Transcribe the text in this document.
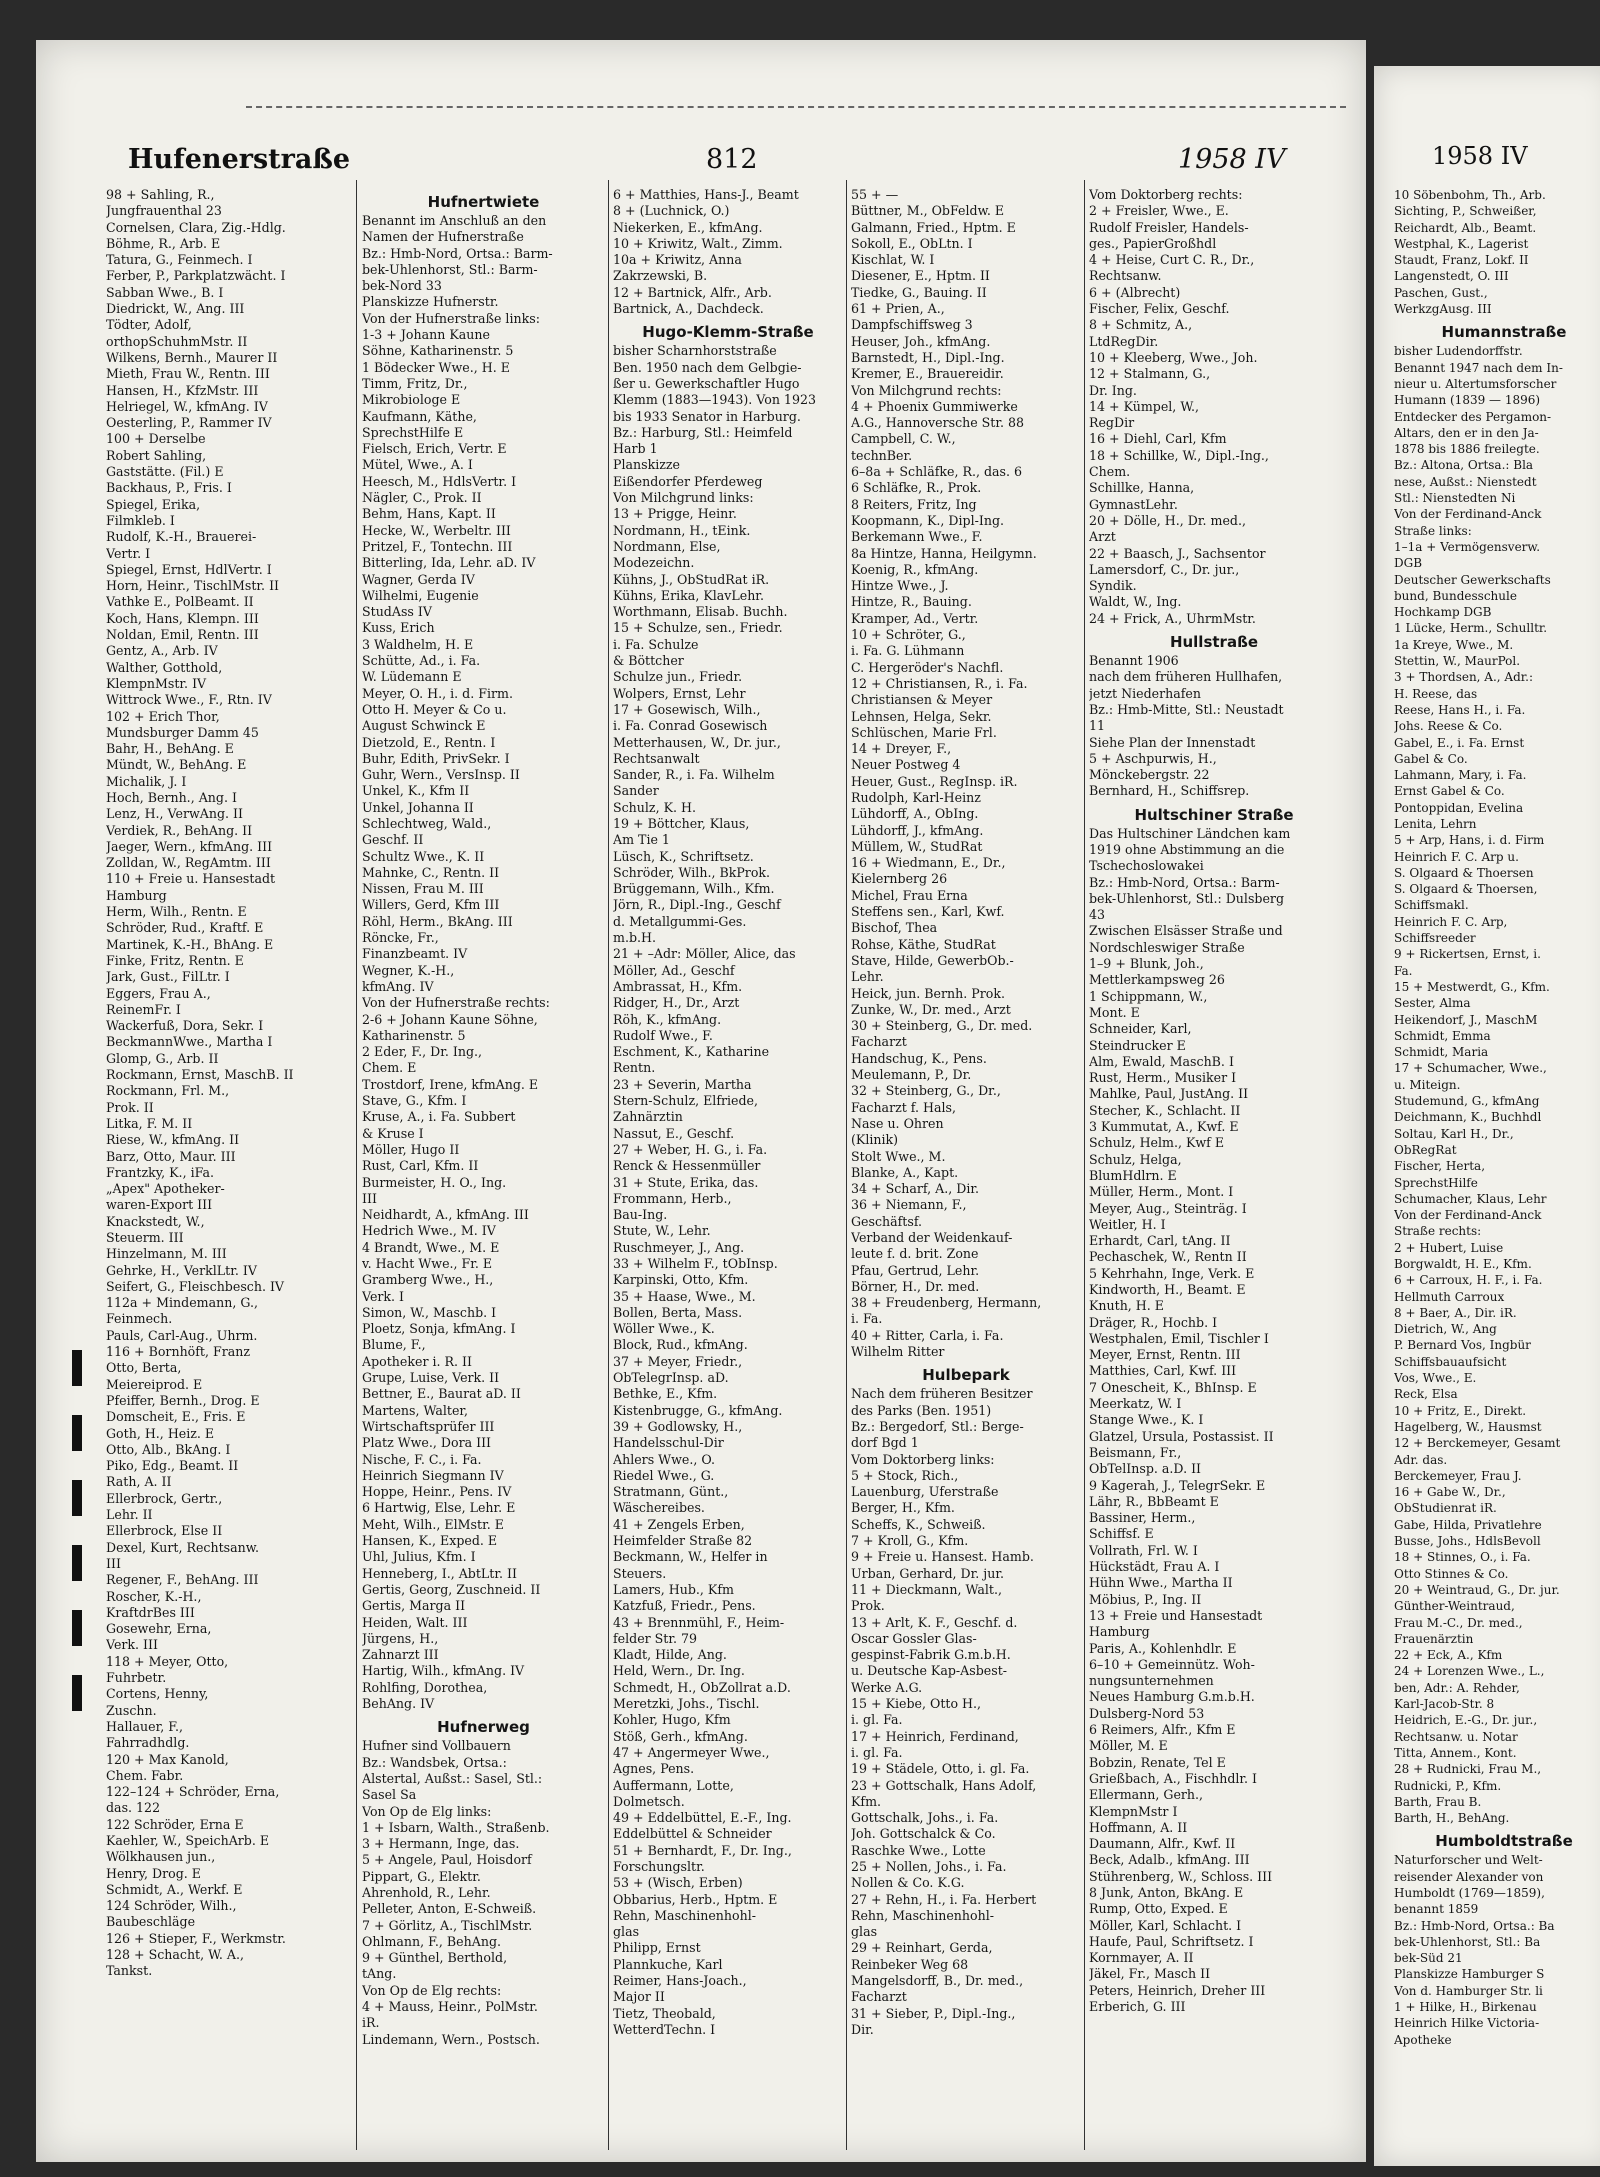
Hufenerstraße	812	1958 IV
98 + Sahling, R.,
Jungfrauenthal 23
Cornelsen, Clara, Zig.-Hdlg.
Böhme, R., Arb. E
Tatura, G., Feinmech. I
Ferber, P., Parkplatzwächt. I
Sabban Wwe., B. I
Diedrickt, W., Ang. III
Tödter, Adolf,
orthopSchuhmMstr. II
Wilkens, Bernh., Maurer II
Mieth, Frau W., Rentn. III
Hansen, H., KfzMstr. III
Helriegel, W., kfmAng. IV
Oesterling, P., Rammer IV
100 + Derselbe
Robert Sahling,
Gaststätte. (Fil.) E
Backhaus, P., Fris. I
Spiegel, Erika,
Filmkleb. I
Rudolf, K.-H., Brauerei-
Vertr. I
Spiegel, Ernst, HdlVertr. I
Horn, Heinr., TischlMstr. II
Vathke E., PolBeamt. II
Koch, Hans, Klempn. III
Noldan, Emil, Rentn. III
Gentz, A., Arb. IV
Walther, Gotthold,
KlempnMstr. IV
Wittrock Wwe., F., Rtn. IV
102 + Erich Thor,
Mundsburger Damm 45
Bahr, H., BehAng. E
Mündt, W., BehAng. E
Michalik, J. I
Hoch, Bernh., Ang. I
Lenz, H., VerwAng. II
Verdiek, R., BehAng. II
Jaeger, Wern., kfmAng. III
Zolldan, W., RegAmtm. III
110 + Freie u. Hansestadt
Hamburg
Herm, Wilh., Rentn. E
Schröder, Rud., Kraftf. E
Martinek, K.-H., BhAng. E
Finke, Fritz, Rentn. E
Jark, Gust., FilLtr. I
Eggers, Frau A.,
ReinemFr. I
Wackerfuß, Dora, Sekr. I
BeckmannWwe., Martha I
Glomp, G., Arb. II
Rockmann, Ernst, MaschB. II
Rockmann, Frl. M.,
Prok. II
Litka, F. M. II
Riese, W., kfmAng. II
Barz, Otto, Maur. III
Frantzky, K., iFa.
„Apex" Apotheker-
waren-Export III
Knackstedt, W.,
Steuerm. III
Hinzelmann, M. III
Gehrke, H., VerklLtr. IV
Seifert, G., Fleischbesch. IV
112a + Mindemann, G.,
Feinmech.
Pauls, Carl-Aug., Uhrm.
116 + Bornhöft, Franz
Otto, Berta,
Meiereiprod. E
Pfeiffer, Bernh., Drog. E
Domscheit, E., Fris. E
Goth, H., Heiz. E
Otto, Alb., BkAng. I
Piko, Edg., Beamt. II
Rath, A. II
Ellerbrock, Gertr.,
Lehr. II
Ellerbrock, Else II
Dexel, Kurt, Rechtsanw.
III
Regener, F., BehAng. III
Roscher, K.-H.,
KraftdrBes III
Gosewehr, Erna,
Verk. III
118 + Meyer, Otto,
Fuhrbetr.
Cortens, Henny,
Zuschn.
Hallauer, F.,
Fahrradhdlg.
120 + Max Kanold,
Chem. Fabr.
122–124 + Schröder, Erna,
das. 122
122 Schröder, Erna E
Kaehler, W., SpeichArb. E
Wölkhausen jun.,
Henry, Drog. E
Schmidt, A., Werkf. E
124 Schröder, Wilh.,
Baubeschläge
126 + Stieper, F., Werkmstr.
128 + Schacht, W. A.,
Tankst.
Hufnertwiete
Benannt im Anschluß an den
Namen der Hufnerstraße
Bz.: Hmb-Nord, Ortsa.: Barm-
bek-Uhlenhorst, Stl.: Barm-
bek-Nord 33
Planskizze Hufnerstr.
Von der Hufnerstraße links:
1-3 + Johann Kaune
Söhne, Katharinenstr. 5
1 Bödecker Wwe., H. E
Timm, Fritz, Dr.,
Mikrobiologe E
Kaufmann, Käthe,
SprechstHilfe E
Fielsch, Erich, Vertr. E
Mütel, Wwe., A. I
Heesch, M., HdlsVertr. I
Nägler, C., Prok. II
Behm, Hans, Kapt. II
Hecke, W., Werbeltr. III
Pritzel, F., Tontechn. III
Bitterling, Ida, Lehr. aD. IV
Wagner, Gerda IV
Wilhelmi, Eugenie
StudAss IV
Kuss, Erich
3 Waldhelm, H. E
Schütte, Ad., i. Fa.
W. Lüdemann E
Meyer, O. H., i. d. Firm.
Otto H. Meyer & Co u.
August Schwinck E
Dietzold, E., Rentn. I
Buhr, Edith, PrivSekr. I
Guhr, Wern., VersInsp. II
Unkel, K., Kfm II
Unkel, Johanna II
Schlechtweg, Wald.,
Geschf. II
Schultz Wwe., K. II
Mahnke, C., Rentn. II
Nissen, Frau M. III
Willers, Gerd, Kfm III
Röhl, Herm., BkAng. III
Röncke, Fr.,
Finanzbeamt. IV
Wegner, K.-H.,
kfmAng. IV
Von der Hufnerstraße rechts:
2-6 + Johann Kaune Söhne,
Katharinenstr. 5
2 Eder, F., Dr. Ing.,
Chem. E
Trostdorf, Irene, kfmAng. E
Stave, G., Kfm. I
Kruse, A., i. Fa. Subbert
& Kruse I
Möller, Hugo II
Rust, Carl, Kfm. II
Burmeister, H. O., Ing.
III
Neidhardt, A., kfmAng. III
Hedrich Wwe., M. IV
4 Brandt, Wwe., M. E
v. Hacht Wwe., Fr. E
Gramberg Wwe., H.,
Verk. I
Simon, W., Maschb. I
Ploetz, Sonja, kfmAng. I
Blume, F.,
Apotheker i. R. II
Grupe, Luise, Verk. II
Bettner, E., Baurat aD. II
Martens, Walter,
Wirtschaftsprüfer III
Platz Wwe., Dora III
Nische, F. C., i. Fa.
Heinrich Siegmann IV
Hoppe, Heinr., Pens. IV
6 Hartwig, Else, Lehr. E
Meht, Wilh., ElMstr. E
Hansen, K., Exped. E
Uhl, Julius, Kfm. I
Henneberg, I., AbtLtr. II
Gertis, Georg, Zuschneid. II
Gertis, Marga II
Heiden, Walt. III
Jürgens, H.,
Zahnarzt III
Hartig, Wilh., kfmAng. IV
Rohlfing, Dorothea,
BehAng. IV
Hufnerweg
Hufner sind Vollbauern
Bz.: Wandsbek, Ortsa.:
Alstertal, Außst.: Sasel, Stl.:
Sasel Sa
Von Op de Elg links:
1 + Isbarn, Walth., Straßenb.
3 + Hermann, Inge, das.
5 + Angele, Paul, Hoisdorf
Pippart, G., Elektr.
Ahrenhold, R., Lehr.
Pelleter, Anton, E-Schweiß.
7 + Görlitz, A., TischlMstr.
Ohlmann, F., BehAng.
9 + Günthel, Berthold,
tAng.
Von Op de Elg rechts:
4 + Mauss, Heinr., PolMstr.
iR.
Lindemann, Wern., Postsch.
6 + Matthies, Hans-J., Beamt
8 + (Luchnick, O.)
Niekerken, E., kfmAng.
10 + Kriwitz, Walt., Zimm.
10a + Kriwitz, Anna
Zakrzewski, B.
12 + Bartnick, Alfr., Arb.
Bartnick, A., Dachdeck.
Hugo-Klemm-Straße
bisher Scharnhorststraße
Ben. 1950 nach dem Gelbgie-
ßer u. Gewerkschaftler Hugo
Klemm (1883—1943). Von 1923
bis 1933 Senator in Harburg.
Bz.: Harburg, Stl.: Heimfeld
Harb 1
Planskizze
Eißendorfer Pferdeweg
Von Milchgrund links:
13 + Prigge, Heinr.
Nordmann, H., tEink.
Nordmann, Else,
Modezeichn.
Kühns, J., ObStudRat iR.
Kühns, Erika, KlavLehr.
Worthmann, Elisab. Buchh.
15 + Schulze, sen., Friedr.
i. Fa. Schulze
& Böttcher
Schulze jun., Friedr.
Wolpers, Ernst, Lehr
17 + Gosewisch, Wilh.,
i. Fa. Conrad Gosewisch
Metterhausen, W., Dr. jur.,
Rechtsanwalt
Sander, R., i. Fa. Wilhelm
Sander
Schulz, K. H.
19 + Böttcher, Klaus,
Am Tie 1
Lüsch, K., Schriftsetz.
Schröder, Wilh., BkProk.
Brüggemann, Wilh., Kfm.
Jörn, R., Dipl.-Ing., Geschf
d. Metallgummi-Ges.
m.b.H.
21 + –Adr: Möller, Alice, das
Möller, Ad., Geschf
Ambrassat, H., Kfm.
Ridger, H., Dr., Arzt
Röh, K., kfmAng.
Rudolf Wwe., F.
Eschment, K., Katharine
Rentn.
23 + Severin, Martha
Stern-Schulz, Elfriede,
Zahnärztin
Nassut, E., Geschf.
27 + Weber, H. G., i. Fa.
Renck & Hessenmüller
31 + Stute, Erika, das.
Frommann, Herb.,
Bau-Ing.
Stute, W., Lehr.
Ruschmeyer, J., Ang.
33 + Wilhelm F., tObInsp.
Karpinski, Otto, Kfm.
35 + Haase, Wwe., M.
Bollen, Berta, Mass.
Wöller Wwe., K.
Block, Rud., kfmAng.
37 + Meyer, Friedr.,
ObTelegrInsp. aD.
Bethke, E., Kfm.
Kistenbrugge, G., kfmAng.
39 + Godlowsky, H.,
Handelsschul-Dir
Ahlers Wwe., O.
Riedel Wwe., G.
Stratmann, Günt.,
Wäschereibes.
41 + Zengels Erben,
Heimfelder Straße 82
Beckmann, W., Helfer in
Steuers.
Lamers, Hub., Kfm
Katzfuß, Friedr., Pens.
43 + Brennmühl, F., Heim-
felder Str. 79
Kladt, Hilde, Ang.
Held, Wern., Dr. Ing.
Schmedt, H., ObZollrat a.D.
Meretzki, Johs., Tischl.
Kohler, Hugo, Kfm
Stöß, Gerh., kfmAng.
47 + Angermeyer Wwe.,
Agnes, Pens.
Auffermann, Lotte,
Dolmetsch.
49 + Eddelbüttel, E.-F., Ing.
Eddelbüttel & Schneider
51 + Bernhardt, F., Dr. Ing.,
Forschungsltr.
53 + (Wisch, Erben)
Obbarius, Herb., Hptm. E
Rehn, Maschinenhohl-
glas
Philipp, Ernst
Plannkuche, Karl
Reimer, Hans-Joach.,
Major II
Tietz, Theobald,
WetterdTechn. I
55 + —
Büttner, M., ObFeldw. E
Galmann, Fried., Hptm. E
Sokoll, E., ObLtn. I
Kischlat, W. I
Diesener, E., Hptm. II
Tiedke, G., Bauing. II
61 + Prien, A.,
Dampfschiffsweg 3
Heuser, Joh., kfmAng.
Barnstedt, H., Dipl.-Ing.
Kremer, E., Brauereidir.
Von Milchgrund rechts:
4 + Phoenix Gummiwerke
A.G., Hannoversche Str. 88
Campbell, C. W.,
technBer.
6–8a + Schläfke, R., das. 6
6 Schläfke, R., Prok.
8 Reiters, Fritz, Ing
Koopmann, K., Dipl-Ing.
Berkemann Wwe., F.
8a Hintze, Hanna, Heilgymn.
Koenig, R., kfmAng.
Hintze Wwe., J.
Hintze, R., Bauing.
Kramper, Ad., Vertr.
10 + Schröter, G.,
i. Fa. G. Lühmann
C. Hergeröder's Nachfl.
12 + Christiansen, R., i. Fa.
Christiansen & Meyer
Lehnsen, Helga, Sekr.
Schlüschen, Marie Frl.
14 + Dreyer, F.,
Neuer Postweg 4
Heuer, Gust., RegInsp. iR.
Rudolph, Karl-Heinz
Lühdorff, A., ObIng.
Lühdorff, J., kfmAng.
Müllem, W., StudRat
16 + Wiedmann, E., Dr.,
Kielernberg 26
Michel, Frau Erna
Steffens sen., Karl, Kwf.
Bischof, Thea
Rohse, Käthe, StudRat
Stave, Hilde, GewerbOb.-
Lehr.
Heick, jun. Bernh. Prok.
Zunke, W., Dr. med., Arzt
30 + Steinberg, G., Dr. med.
Facharzt
Handschug, K., Pens.
Meulemann, P., Dr.
32 + Steinberg, G., Dr.,
Facharzt f. Hals,
Nase u. Ohren
(Klinik)
Stolt Wwe., M.
Blanke, A., Kapt.
34 + Scharf, A., Dir.
36 + Niemann, F.,
Geschäftsf.
Verband der Weidenkauf-
leute f. d. brit. Zone
Pfau, Gertrud, Lehr.
Börner, H., Dr. med.
38 + Freudenberg, Hermann,
i. Fa.
40 + Ritter, Carla, i. Fa.
Wilhelm Ritter
Hulbepark
Nach dem früheren Besitzer
des Parks (Ben. 1951)
Bz.: Bergedorf, Stl.: Berge-
dorf Bgd 1
Vom Doktorberg links:
5 + Stock, Rich.,
Lauenburg, Uferstraße
Berger, H., Kfm.
Scheffs, K., Schweiß.
7 + Kroll, G., Kfm.
9 + Freie u. Hansest. Hamb.
Urban, Gerhard, Dr. jur.
11 + Dieckmann, Walt.,
Prok.
13 + Arlt, K. F., Geschf. d.
Oscar Gossler Glas-
gespinst-Fabrik G.m.b.H.
u. Deutsche Kap-Asbest-
Werke A.G.
15 + Kiebe, Otto H.,
i. gl. Fa.
17 + Heinrich, Ferdinand,
i. gl. Fa.
19 + Städele, Otto, i. gl. Fa.
23 + Gottschalk, Hans Adolf,
Kfm.
Gottschalk, Johs., i. Fa.
Joh. Gottschalck & Co.
Raschke Wwe., Lotte
25 + Nollen, Johs., i. Fa.
Nollen & Co. K.G.
27 + Rehn, H., i. Fa. Herbert
Rehn, Maschinenhohl-
glas
29 + Reinhart, Gerda,
Reinbeker Weg 68
Mangelsdorff, B., Dr. med.,
Facharzt
31 + Sieber, P., Dipl.-Ing.,
Dir.
Vom Doktorberg rechts:
2 + Freisler, Wwe., E.
Rudolf Freisler, Handels-
ges., PapierGroßhdl
4 + Heise, Curt C. R., Dr.,
Rechtsanw.
6 + (Albrecht)
Fischer, Felix, Geschf.
8 + Schmitz, A.,
LtdRegDir.
10 + Kleeberg, Wwe., Joh.
12 + Stalmann, G.,
Dr. Ing.
14 + Kümpel, W.,
RegDir
16 + Diehl, Carl, Kfm
18 + Schillke, W., Dipl.-Ing.,
Chem.
Schillke, Hanna,
GymnastLehr.
20 + Dölle, H., Dr. med.,
Arzt
22 + Baasch, J., Sachsentor
Lamersdorf, C., Dr. jur.,
Syndik.
Waldt, W., Ing.
24 + Frick, A., UhrmMstr.
Hullstraße
Benannt 1906
nach dem früheren Hullhafen,
jetzt Niederhafen
Bz.: Hmb-Mitte, Stl.: Neustadt
11
Siehe Plan der Innenstadt
5 + Aschpurwis, H.,
Mönckebergstr. 22
Bernhard, H., Schiffsrep.
Hultschiner Straße
Das Hultschiner Ländchen kam
1919 ohne Abstimmung an die
Tschechoslowakei
Bz.: Hmb-Nord, Ortsa.: Barm-
bek-Uhlenhorst, Stl.: Dulsberg
43
Zwischen Elsässer Straße und
Nordschleswiger Straße
1–9 + Blunk, Joh.,
Mettlerkampsweg 26
1 Schippmann, W.,
Mont. E
Schneider, Karl,
Steindrucker E
Alm, Ewald, MaschB. I
Rust, Herm., Musiker I
Mahlke, Paul, JustAng. II
Stecher, K., Schlacht. II
3 Kummutat, A., Kwf. E
Schulz, Helm., Kwf E
Schulz, Helga,
BlumHdlrn. E
Müller, Herm., Mont. I
Meyer, Aug., Steinträg. I
Weitler, H. I
Erhardt, Carl, tAng. II
Pechaschek, W., Rentn II
5 Kehrhahn, Inge, Verk. E
Kindworth, H., Beamt. E
Knuth, H. E
Dräger, R., Hochb. I
Westphalen, Emil, Tischler I
Meyer, Ernst, Rentn. III
Matthies, Carl, Kwf. III
7 Onescheit, K., BhInsp. E
Meerkatz, W. I
Stange Wwe., K. I
Glatzel, Ursula, Postassist. II
Beismann, Fr.,
ObTelInsp. a.D. II
9 Kagerah, J., TelegrSekr. E
Lähr, R., BbBeamt E
Bassiner, Herm.,
Schiffsf. E
Vollrath, Frl. W. I
Hückstädt, Frau A. I
Hühn Wwe., Martha II
Möbius, P., Ing. II
13 + Freie und Hansestadt
Hamburg
Paris, A., Kohlenhdlr. E
6–10 + Gemeinnütz. Woh-
nungsunternehmen
Neues Hamburg G.m.b.H.
Dulsberg-Nord 53
6 Reimers, Alfr., Kfm E
Möller, M. E
Bobzin, Renate, Tel E
Grießbach, A., Fischhdlr. I
Ellermann, Gerh.,
KlempnMstr I
Hoffmann, A. II
Daumann, Alfr., Kwf. II
Beck, Adalb., kfmAng. III
Stührenberg, W., Schloss. III
8 Junk, Anton, BkAng. E
Rump, Otto, Exped. E
Möller, Karl, Schlacht. I
Haufe, Paul, Schriftsetz. I
Kornmayer, A. II
Jäkel, Fr., Masch II
Peters, Heinrich, Dreher III
Erberich, G. III
1958 IV
10 Söbenbohm, Th., Arb.
Sichting, P., Schweißer,
Reichardt, Alb., Beamt.
Westphal, K., Lagerist
Staudt, Franz, Lokf. II
Langenstedt, O. III
Paschen, Gust.,
WerkzgAusg. III
Humannstraße
bisher Ludendorffstr.
Benannt 1947 nach dem In-
nieur u. Altertumsforscher
Humann (1839 — 1896)
Entdecker des Pergamon-
Altars, den er in den Ja-
1878 bis 1886 freilegte.
Bz.: Altona, Ortsa.: Bla
nese, Außst.: Nienstedt
Stl.: Nienstedten Ni
Von der Ferdinand-Anck
Straße links:
1–1a + Vermögensverw.
DGB
Deutscher Gewerkschafts
bund, Bundesschule
Hochkamp DGB
1 Lücke, Herm., Schulltr.
1a Kreye, Wwe., M.
Stettin, W., MaurPol.
3 + Thordsen, A., Adr.:
H. Reese, das
Reese, Hans H., i. Fa.
Johs. Reese & Co.
Gabel, E., i. Fa. Ernst
Gabel & Co.
Lahmann, Mary, i. Fa.
Ernst Gabel & Co.
Pontoppidan, Evelina
Lenita, Lehrn
5 + Arp, Hans, i. d. Firm
Heinrich F. C. Arp u.
S. Olgaard & Thoersen
S. Olgaard & Thoersen,
Schiffsmakl.
Heinrich F. C. Arp,
Schiffsreeder
9 + Rickertsen, Ernst, i.
Fa.
15 + Mestwerdt, G., Kfm.
Sester, Alma
Heikendorf, J., MaschM
Schmidt, Emma
Schmidt, Maria
17 + Schumacher, Wwe.,
u. Miteign.
Studemund, G., kfmAng
Deichmann, K., Buchhdl
Soltau, Karl H., Dr.,
ObRegRat
Fischer, Herta,
SprechstHilfe
Schumacher, Klaus, Lehr
Von der Ferdinand-Anck
Straße rechts:
2 + Hubert, Luise
Borgwaldt, H. E., Kfm.
6 + Carroux, H. F., i. Fa.
Hellmuth Carroux
8 + Baer, A., Dir. iR.
Dietrich, W., Ang
P. Bernard Vos, Ingbür
Schiffsbauaufsicht
Vos, Wwe., E.
Reck, Elsa
10 + Fritz, E., Direkt.
Hagelberg, W., Hausmst
12 + Berckemeyer, Gesamt
Adr. das.
Berckemeyer, Frau J.
16 + Gabe W., Dr.,
ObStudienrat iR.
Gabe, Hilda, Privatlehre
Busse, Johs., HdlsBevoll
18 + Stinnes, O., i. Fa.
Otto Stinnes & Co.
20 + Weintraud, G., Dr. jur.
Günther-Weintraud,
Frau M.-C., Dr. med.,
Frauenärztin
22 + Eck, A., Kfm
24 + Lorenzen Wwe., L.,
ben, Adr.: A. Rehder,
Karl-Jacob-Str. 8
Heidrich, E.-G., Dr. jur.,
Rechtsanw. u. Notar
Titta, Annem., Kont.
28 + Rudnicki, Frau M.,
Rudnicki, P., Kfm.
Barth, Frau B.
Barth, H., BehAng.
Humboldtstraße
Naturforscher und Welt-
reisender Alexander von
Humboldt (1769—1859),
benannt 1859
Bz.: Hmb-Nord, Ortsa.: Ba
bek-Uhlenhorst, Stl.: Ba
bek-Süd 21
Planskizze Hamburger S
Von d. Hamburger Str. li
1 + Hilke, H., Birkenau
Heinrich Hilke Victoria-
Apotheke
